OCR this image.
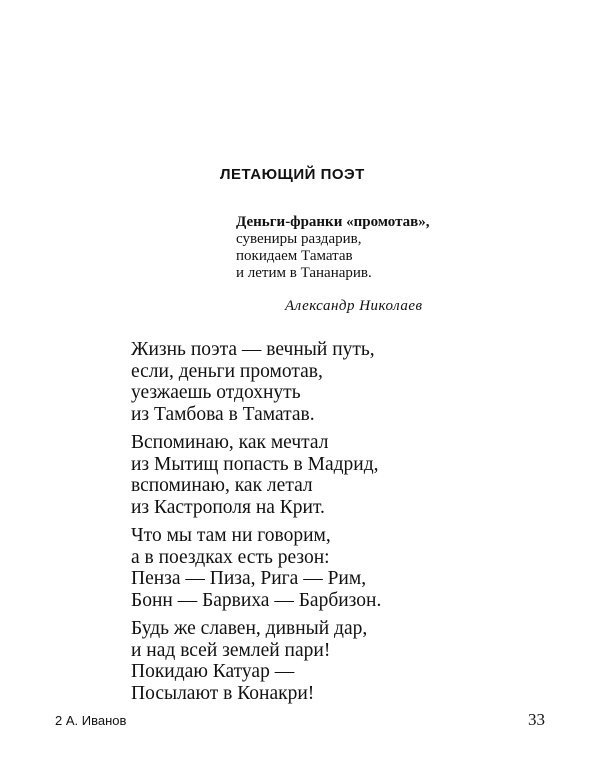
ЛЕТАЮЩИЙ ПОЭТ
Деньги-франки «промотав»,
сувениры раздарив,
покидаем Таматав
и летим в Тананарив.
Александр Николаев
Жизнь поэта — вечный путь,
если, деньги промотав,
уезжаешь отдохнуть
из Тамбова в Таматав.
Вспоминаю, как мечтал
из Мытищ попасть в Мадрид,
вспоминаю, как летал
из Кастрополя на Крит.
Что мы там ни говорим,
а в поездках есть резон:
Пенза — Пиза, Рига — Рим,
Бонн — Барвиха — Барбизон.
Будь же славен, дивный дар,
и над всей землей пари!
Покидаю Катуар —
Посылают в Конакри!
2 А. Иванов	33
